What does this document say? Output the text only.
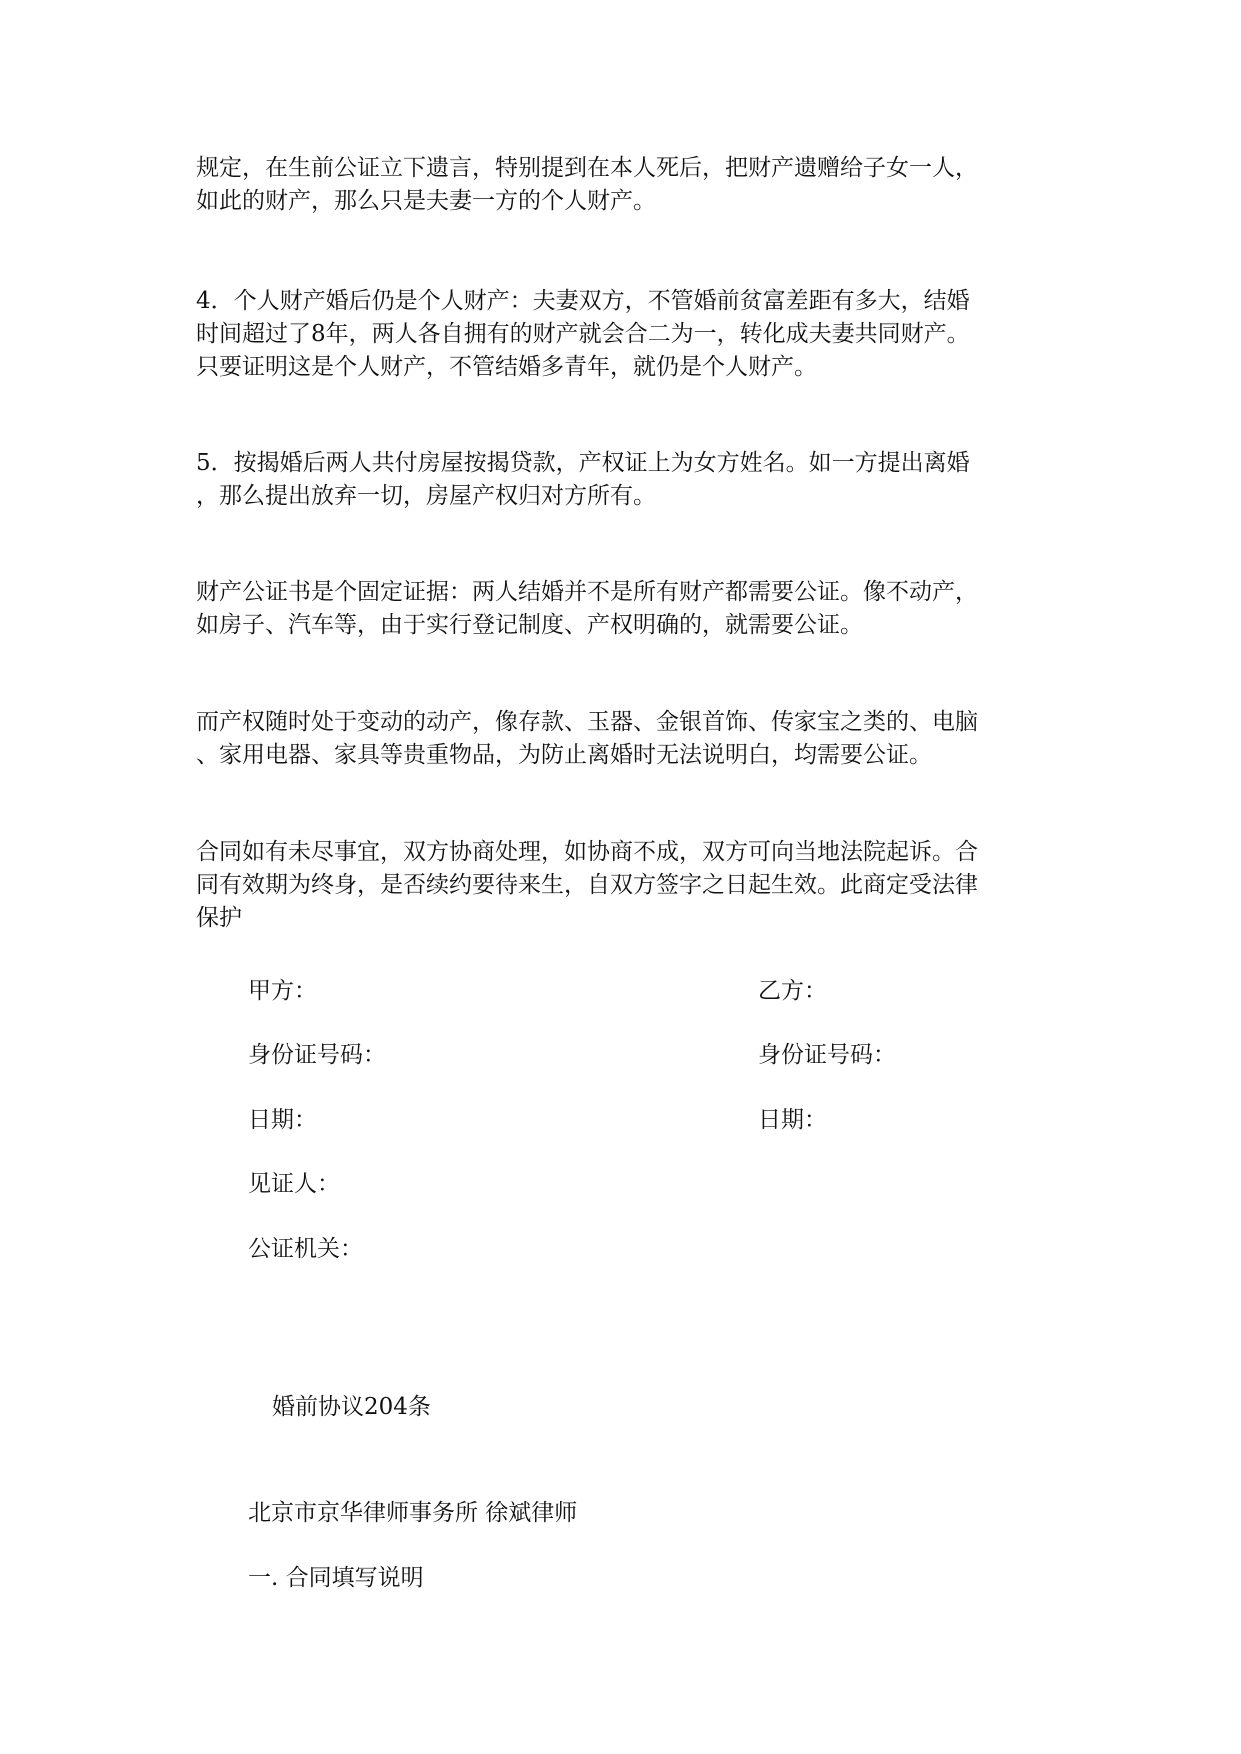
规定，在生前公证立下遗言，特别提到在本人死后，把财产遗赠给子女一人，
如此的财产，那么只是夫妻一方的个人财产。
4．个人财产婚后仍是个人财产：夫妻双方，不管婚前贫富差距有多大，结婚
时间超过了8年，两人各自拥有的财产就会合二为一，转化成夫妻共同财产。
只要证明这是个人财产，不管结婚多青年，就仍是个人财产。
5．按揭婚后两人共付房屋按揭贷款，产权证上为女方姓名。如一方提出离婚
，那么提出放弃一切，房屋产权归对方所有。
财产公证书是个固定证据：两人结婚并不是所有财产都需要公证。像不动产，
如房子、汽车等，由于实行登记制度、产权明确的，就需要公证。
而产权随时处于变动的动产，像存款、玉器、金银首饰、传家宝之类的、电脑
、家用电器、家具等贵重物品，为防止离婚时无法说明白，均需要公证。
合同如有未尽事宜，双方协商处理，如协商不成，双方可向当地法院起诉。合
同有效期为终身，是否续约要待来生，自双方签字之日起生效。此商定受法律
保护

甲方：	乙方：

身份证号码：	身份证号码：

日期：	日期：

见证人：

公证机关：

婚前协议204条

北京市京华律师事务所 徐斌律师

一. 合同填写说明
